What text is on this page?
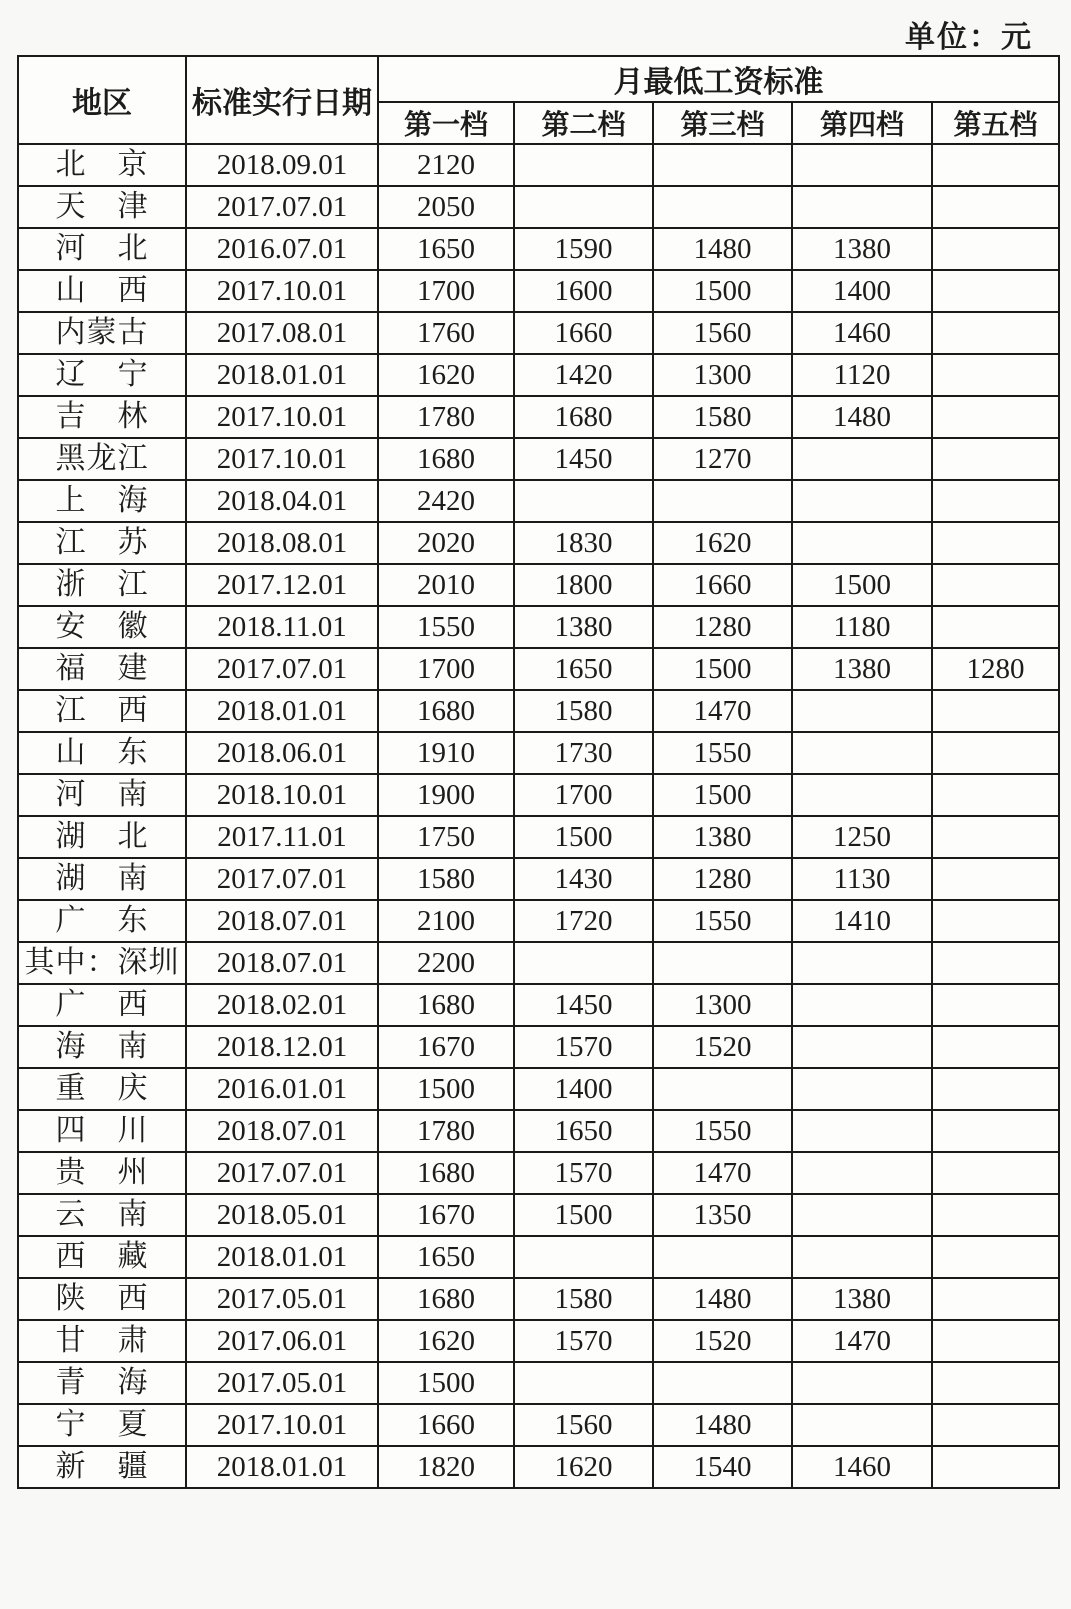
单位：元
地区	标准实行日期	月最低工资标准				
		第一档	第二档	第三档	第四档	第五档
北　京	2018.09.01	2120				
天　津	2017.07.01	2050				
河　北	2016.07.01	1650	1590	1480	1380	
山　西	2017.10.01	1700	1600	1500	1400	
内蒙古	2017.08.01	1760	1660	1560	1460	
辽　宁	2018.01.01	1620	1420	1300	1120	
吉　林	2017.10.01	1780	1680	1580	1480	
黑龙江	2017.10.01	1680	1450	1270		
上　海	2018.04.01	2420				
江　苏	2018.08.01	2020	1830	1620		
浙　江	2017.12.01	2010	1800	1660	1500	
安　徽	2018.11.01	1550	1380	1280	1180	
福　建	2017.07.01	1700	1650	1500	1380	1280
江　西	2018.01.01	1680	1580	1470		
山　东	2018.06.01	1910	1730	1550		
河　南	2018.10.01	1900	1700	1500		
湖　北	2017.11.01	1750	1500	1380	1250	
湖　南	2017.07.01	1580	1430	1280	1130	
广　东	2018.07.01	2100	1720	1550	1410	
其中：深圳	2018.07.01	2200				
广　西	2018.02.01	1680	1450	1300		
海　南	2018.12.01	1670	1570	1520		
重　庆	2016.01.01	1500	1400			
四　川	2018.07.01	1780	1650	1550		
贵　州	2017.07.01	1680	1570	1470		
云　南	2018.05.01	1670	1500	1350		
西　藏	2018.01.01	1650				
陕　西	2017.05.01	1680	1580	1480	1380	
甘　肃	2017.06.01	1620	1570	1520	1470	
青　海	2017.05.01	1500				
宁　夏	2017.10.01	1660	1560	1480		
新　疆	2018.01.01	1820	1620	1540	1460	
